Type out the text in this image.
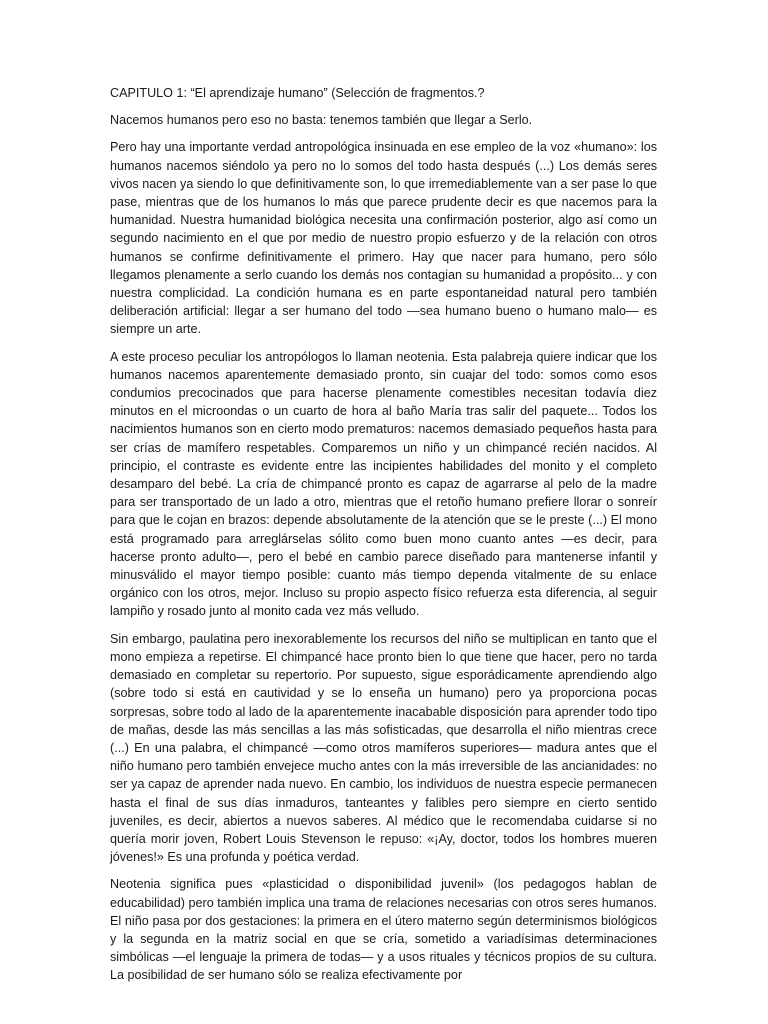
CAPITULO 1: “El aprendizaje humano” (Selección de fragmentos.?

Nacemos humanos pero eso no basta: tenemos también que llegar a Serlo.

Pero hay una importante verdad antropológica insinuada en ese empleo de la voz «humano»: los humanos nacemos siéndolo ya pero no lo somos del todo hasta después (...) Los demás seres vivos nacen ya siendo lo que definitivamente son, lo que irremediablemente van a ser pase lo que pase, mientras que de los humanos lo más que parece prudente decir es que nacemos para la humanidad. Nuestra humanidad biológica necesita una confirmación posterior, algo así como un segundo nacimiento en el que por medio de nuestro propio esfuerzo y de la relación con otros humanos se confirme definitivamente el primero. Hay que nacer para humano, pero sólo llegamos plenamente a serlo cuando los demás nos contagian su humanidad a propósito... y con nuestra complicidad. La condición humana es en parte espontaneidad natural pero también deliberación artificial: llegar a ser humano del todo —sea humano bueno o humano malo— es siempre un arte.

A este proceso peculiar los antropólogos lo llaman neotenia. Esta palabreja quiere indicar que los humanos nacemos aparentemente demasiado pronto, sin cuajar del todo: somos como esos condumios precocinados que para hacerse plenamente comestibles necesitan todavía diez minutos en el microondas o un cuarto de hora al baño María tras salir del paquete... Todos los nacimientos humanos son en cierto modo prematuros: nacemos demasiado pequeños hasta para ser crías de mamífero respetables. Comparemos un niño y un chimpancé recién nacidos. Al principio, el contraste es evidente entre las incipientes habilidades del monito y el completo desamparo del bebé. La cría de chimpancé pronto es capaz de agarrarse al pelo de la madre para ser transportado de un lado a otro, mientras que el retoño humano prefiere llorar o sonreír para que le cojan en brazos: depende absolutamente de la atención que se le preste (...) El mono está programado para arreglárselas sólito como buen mono cuanto antes —es decir, para hacerse pronto adulto—, pero el bebé en cambio parece diseñado para mantenerse infantil y minusválido el mayor tiempo posible: cuanto más tiempo dependa vitalmente de su enlace orgánico con los otros, mejor. Incluso su propio aspecto físico refuerza esta diferencia, al seguir lampiño y rosado junto al monito cada vez más velludo.

Sin embargo, paulatina pero inexorablemente los recursos del niño se multiplican en tanto que el mono empieza a repetirse. El chimpancé hace pronto bien lo que tiene que hacer, pero no tarda demasiado en completar su repertorio. Por supuesto, sigue esporádicamente aprendiendo algo (sobre todo si está en cautividad y se lo enseña un humano) pero ya proporciona pocas sorpresas, sobre todo al lado de la aparentemente inacabable disposición para aprender todo tipo de mañas, desde las más sencillas a las más sofisticadas, que desarrolla el niño mientras crece (...) En una palabra, el chimpancé —como otros mamíferos superiores— madura antes que el niño humano pero también envejece mucho antes con la más irreversible de las ancianidades: no ser ya capaz de aprender nada nuevo. En cambio, los individuos de nuestra especie permanecen hasta el final de sus días inmaduros, tanteantes y falibles pero siempre en cierto sentido juveniles, es decir, abiertos a nuevos saberes. Al médico que le recomendaba cuidarse si no quería morir joven, Robert Louis Stevenson le repuso: «¡Ay, doctor, todos los hombres mueren jóvenes!» Es una profunda y poética verdad.

Neotenia significa pues «plasticidad o disponibilidad juvenil» (los pedagogos hablan de educabilidad) pero también implica una trama de relaciones necesarias con otros seres humanos. El niño pasa por dos gestaciones: la primera en el útero materno según determinismos biológicos y la segunda en la matriz social en que se cría, sometido a variadísimas determinaciones simbólicas —el lenguaje la primera de todas— y a usos rituales y técnicos propios de su cultura. La posibilidad de ser humano sólo se realiza efectivamente por
